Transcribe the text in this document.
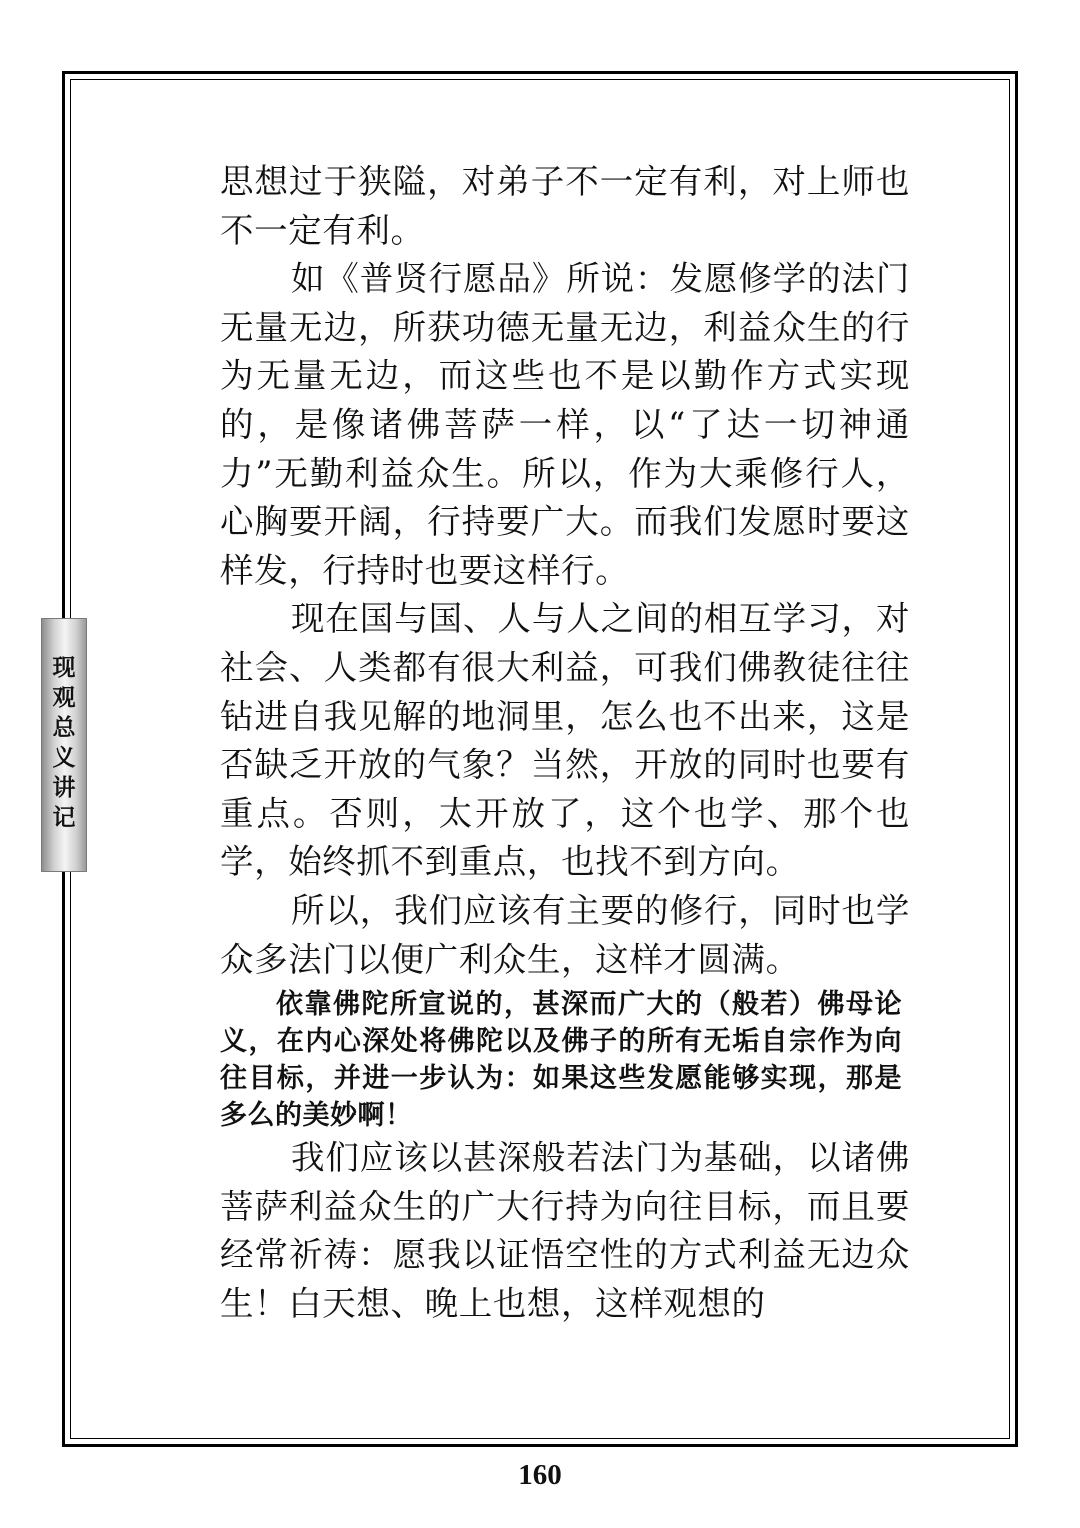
现观总义讲记

思想过于狭隘，对弟子不一定有利，对上师也不一定有利。

如《普贤行愿品》所说：发愿修学的法门无量无边，所获功德无量无边，利益众生的行为无量无边，而这些也不是以勤作方式实现的，是像诸佛菩萨一样，以“了达一切神通力”无勤利益众生。所以，作为大乘修行人，心胸要开阔，行持要广大。而我们发愿时要这样发，行持时也要这样行。

现在国与国、人与人之间的相互学习，对社会、人类都有很大利益，可我们佛教徒往往钻进自我见解的地洞里，怎么也不出来，这是否缺乏开放的气象？当然，开放的同时也要有重点。否则，太开放了，这个也学、那个也学，始终抓不到重点，也找不到方向。

所以，我们应该有主要的修行，同时也学众多法门以便广利众生，这样才圆满。

依靠佛陀所宣说的，甚深而广大的（般若）佛母论义，在内心深处将佛陀以及佛子的所有无垢自宗作为向往目标，并进一步认为：如果这些发愿能够实现，那是多么的美妙啊！

我们应该以甚深般若法门为基础，以诸佛菩萨利益众生的广大行持为向往目标，而且要经常祈祷：愿我以证悟空性的方式利益无边众生！白天想、晚上也想，这样观想的

160
